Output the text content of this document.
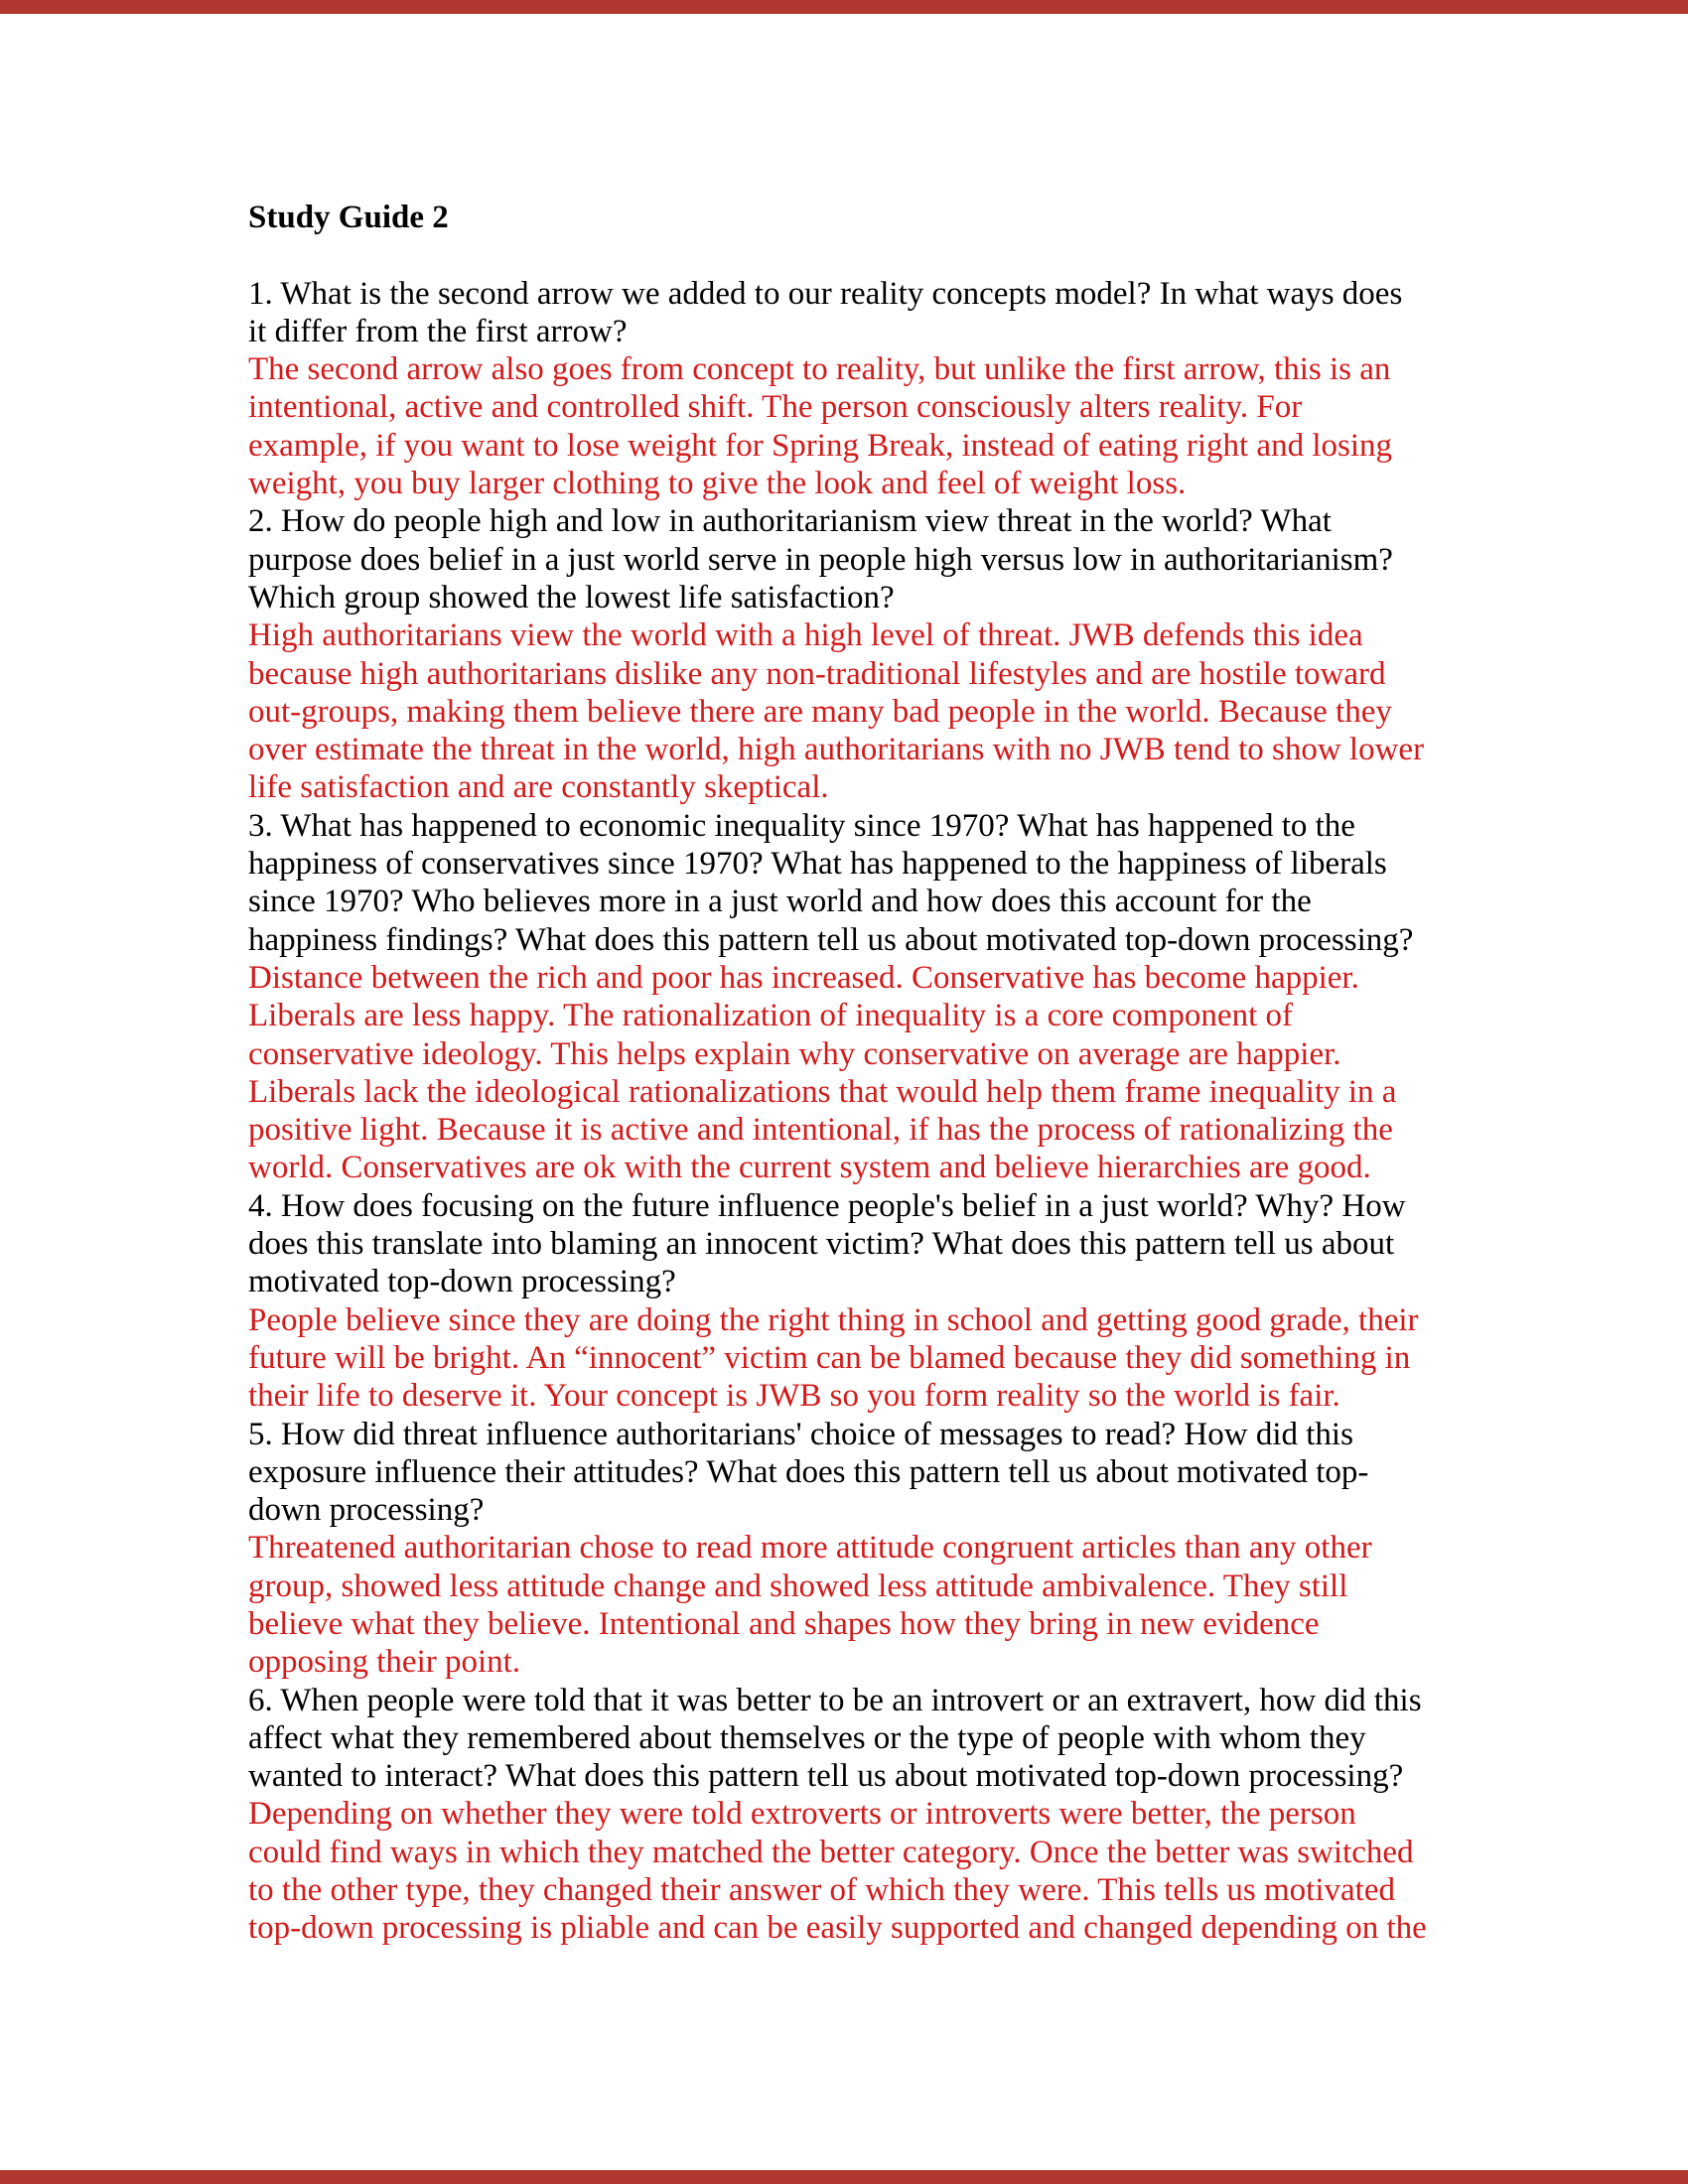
Study Guide 2
1. What is the second arrow we added to our reality concepts model? In what ways does
it differ from the first arrow?
The second arrow also goes from concept to reality, but unlike the first arrow, this is an
intentional, active and controlled shift. The person consciously alters reality. For
example, if you want to lose weight for Spring Break, instead of eating right and losing
weight, you buy larger clothing to give the look and feel of weight loss.
2. How do people high and low in authoritarianism view threat in the world? What
purpose does belief in a just world serve in people high versus low in authoritarianism?
Which group showed the lowest life satisfaction?
High authoritarians view the world with a high level of threat. JWB defends this idea
because high authoritarians dislike any non-traditional lifestyles and are hostile toward
out-groups, making them believe there are many bad people in the world. Because they
over estimate the threat in the world, high authoritarians with no JWB tend to show lower
life satisfaction and are constantly skeptical.
3. What has happened to economic inequality since 1970? What has happened to the
happiness of conservatives since 1970? What has happened to the happiness of liberals
since 1970? Who believes more in a just world and how does this account for the
happiness findings? What does this pattern tell us about motivated top-down processing?
Distance between the rich and poor has increased. Conservative has become happier.
Liberals are less happy. The rationalization of inequality is a core component of
conservative ideology. This helps explain why conservative on average are happier.
Liberals lack the ideological rationalizations that would help them frame inequality in a
positive light. Because it is active and intentional, if has the process of rationalizing the
world. Conservatives are ok with the current system and believe hierarchies are good.
4. How does focusing on the future influence people's belief in a just world? Why? How
does this translate into blaming an innocent victim? What does this pattern tell us about
motivated top-down processing?
People believe since they are doing the right thing in school and getting good grade, their
future will be bright. An “innocent” victim can be blamed because they did something in
their life to deserve it. Your concept is JWB so you form reality so the world is fair.
5. How did threat influence authoritarians' choice of messages to read? How did this
exposure influence their attitudes? What does this pattern tell us about motivated top-
down processing?
Threatened authoritarian chose to read more attitude congruent articles than any other
group, showed less attitude change and showed less attitude ambivalence. They still
believe what they believe. Intentional and shapes how they bring in new evidence
opposing their point.
6. When people were told that it was better to be an introvert or an extravert, how did this
affect what they remembered about themselves or the type of people with whom they
wanted to interact? What does this pattern tell us about motivated top-down processing?
Depending on whether they were told extroverts or introverts were better, the person
could find ways in which they matched the better category. Once the better was switched
to the other type, they changed their answer of which they were. This tells us motivated
top-down processing is pliable and can be easily supported and changed depending on the
